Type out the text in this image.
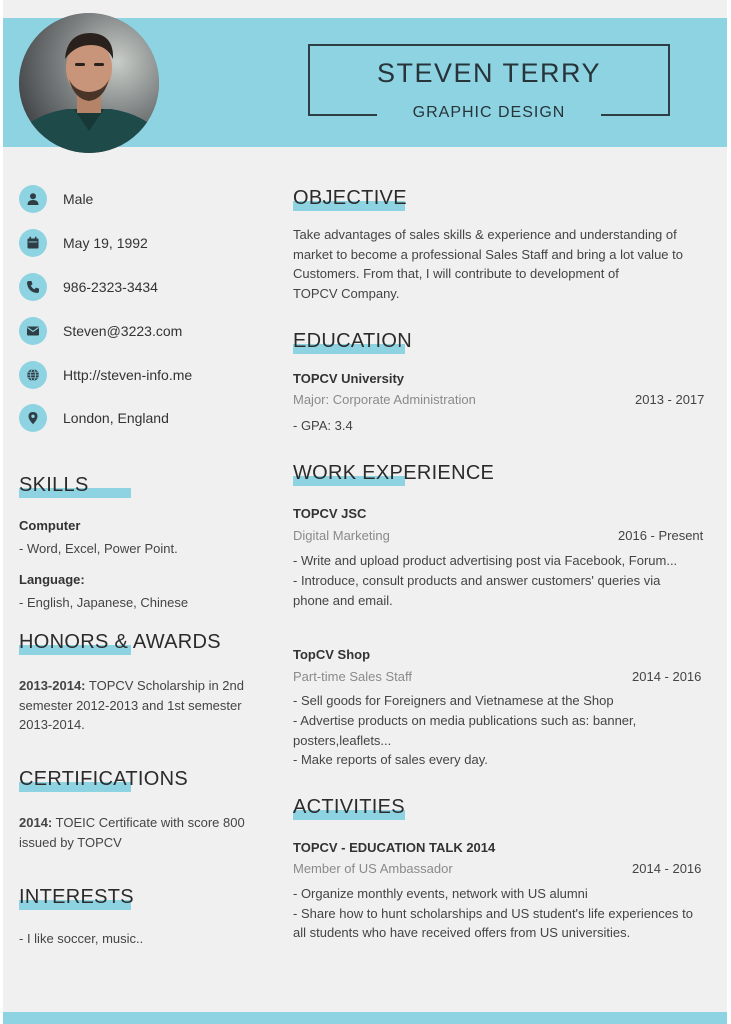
STEVEN TERRY
GRAPHIC DESIGN
Male
May 19, 1992
986-2323-3434
Steven@3223.com
Http://steven-info.me
London, England
SKILLS
Computer
- Word, Excel, Power Point.
Language:
- English, Japanese, Chinese
HONORS & AWARDS
2013-2014: TOPCV Scholarship in 2nd semester 2012-2013 and 1st semester 2013-2014.
CERTIFICATIONS
2014: TOEIC Certificate with score 800 issued by TOPCV
INTERESTS
- I like soccer, music..
OBJECTIVE
Take advantages of sales skills & experience and understanding of
market to become a professional Sales Staff and bring a lot value to
Customers. From that, I will contribute to development of
TOPCV Company.
EDUCATION
TOPCV University
Major: Corporate Administration	2013 - 2017
- GPA: 3.4
WORK EXPERIENCE
TOPCV JSC
Digital Marketing	2016 - Present
- Write and upload product advertising post via Facebook, Forum...
- Introduce, consult products and answer customers' queries via
phone and email.
TopCV Shop
Part-time Sales Staff	2014 - 2016
- Sell goods for Foreigners and Vietnamese at the Shop
- Advertise products on media publications such as: banner,
posters,leaflets...
- Make reports of sales every day.
ACTIVITIES
TOPCV - EDUCATION TALK 2014
Member of US Ambassador	2014 - 2016
- Organize monthly events, network with US alumni
- Share how to hunt scholarships and US student's life experiences to
all students who have received offers from US universities.
